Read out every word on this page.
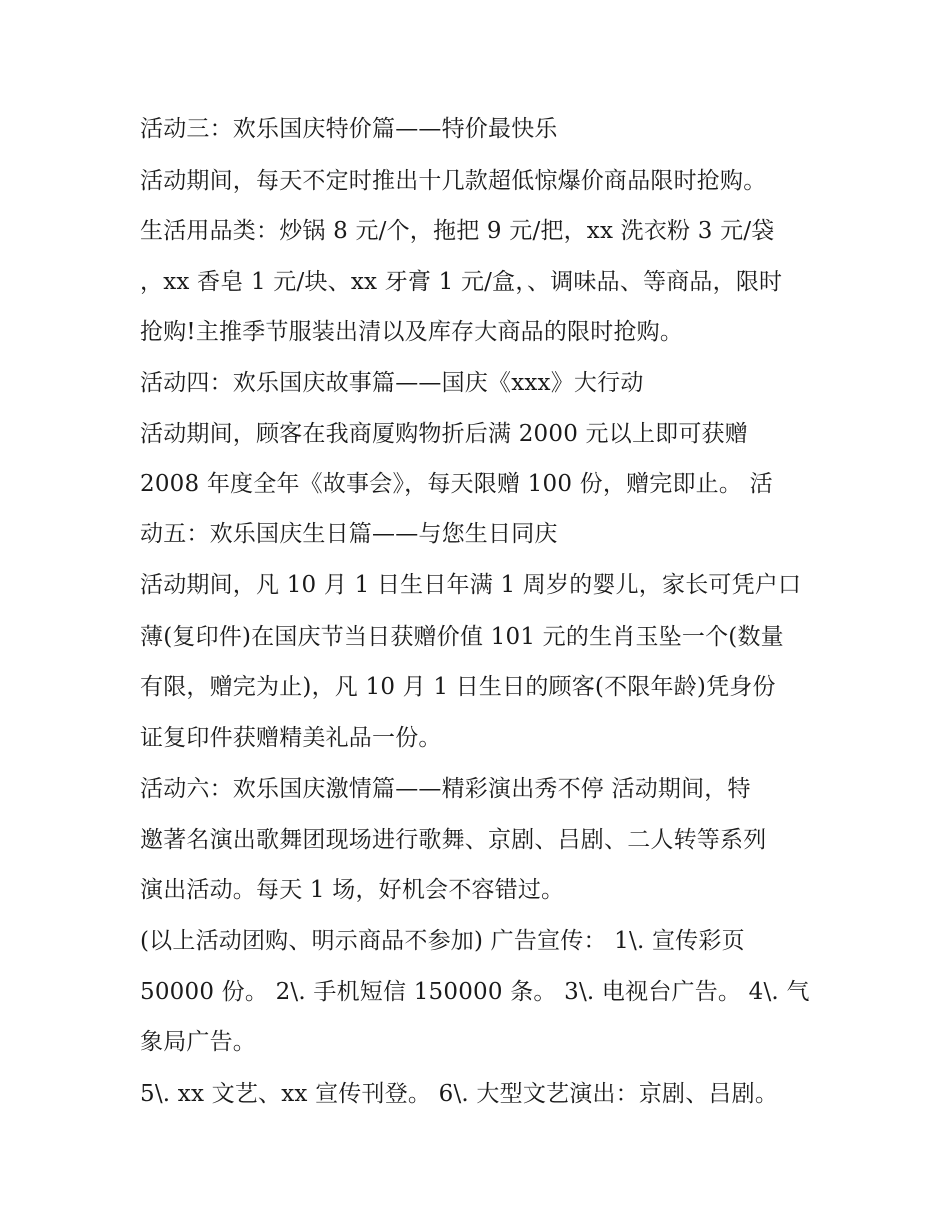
活动三：欢乐国庆特价篇——特价最快乐
活动期间，每天不定时推出十几款超低惊爆价商品限时抢购。
生活用品类：炒锅 8 元/个，拖把 9 元/把，xx 洗衣粉 3 元/袋
，xx 香皂 1 元/块、xx 牙膏 1 元/盒，、调味品、等商品，限时
抢购!主推季节服装出清以及库存大商品的限时抢购。
活动四：欢乐国庆故事篇——国庆《xxx》大行动
活动期间，顾客在我商厦购物折后满 2000 元以上即可获赠
2008 年度全年《故事会》，每天限赠 100 份，赠完即止。 活
动五：欢乐国庆生日篇——与您生日同庆
活动期间，凡 10 月 1 日生日年满 1 周岁的婴儿，家长可凭户口
薄(复印件)在国庆节当日获赠价值 101 元的生肖玉坠一个(数量
有限，赠完为止)，凡 10 月 1 日生日的顾客(不限年龄)凭身份
证复印件获赠精美礼品一份。
活动六：欢乐国庆激情篇——精彩演出秀不停 活动期间，特
邀著名演出歌舞团现场进行歌舞、京剧、吕剧、二人转等系列
演出活动。每天 1 场，好机会不容错过。
(以上活动团购、明示商品不参加) 广告宣传： 1\. 宣传彩页
50000 份。 2\. 手机短信 150000 条。 3\. 电视台广告。 4\. 气
象局广告。
5\. xx 文艺、xx 宣传刊登。 6\. 大型文艺演出：京剧、吕剧。
